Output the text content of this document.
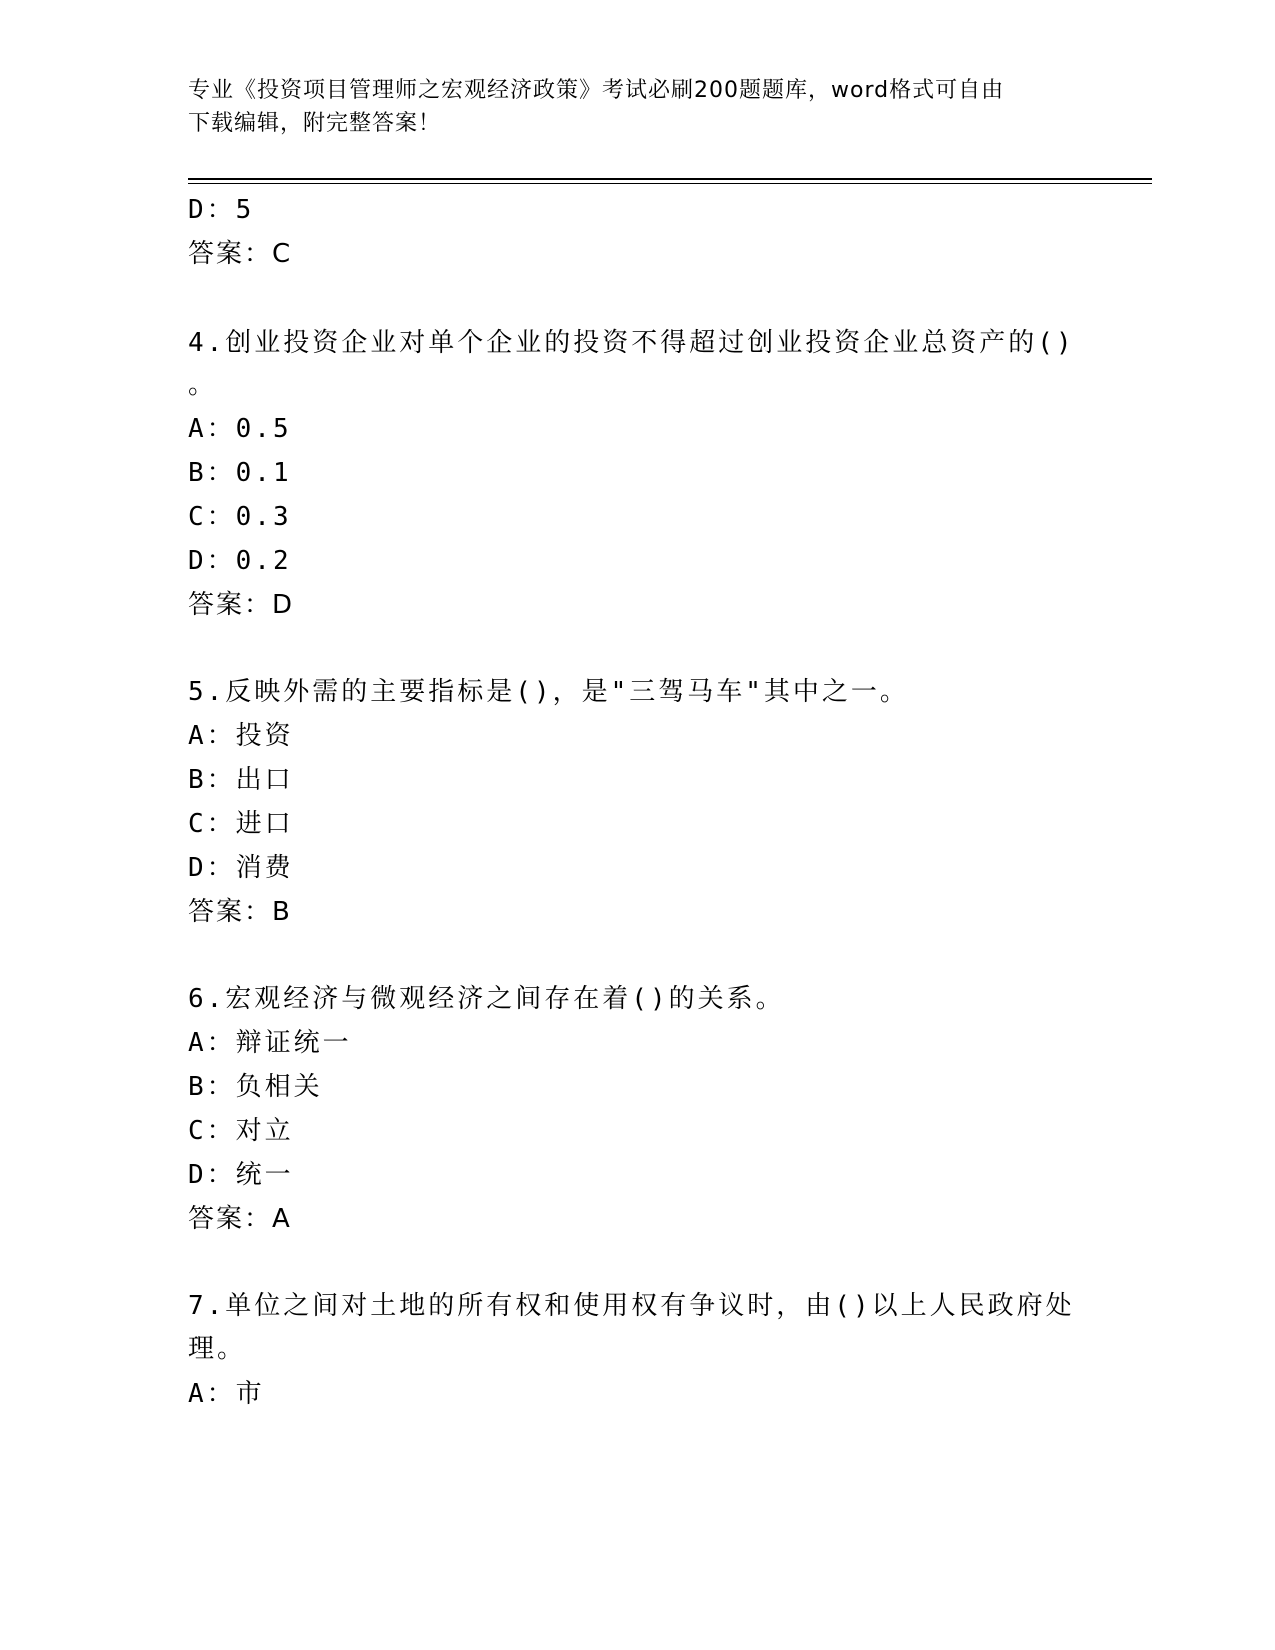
专业《投资项目管理师之宏观经济政策》考试必刷200题题库，word格式可自由
下载编辑，附完整答案！
D：5
答案：C
4.创业投资企业对单个企业的投资不得超过创业投资企业总资产的()
。
A：0.5
B：0.1
C：0.3
D：0.2
答案：D
5.反映外需的主要指标是()，是"三驾马车"其中之一。
A：投资
B：出口
C：进口
D：消费
答案：B
6.宏观经济与微观经济之间存在着()的关系。
A：辩证统一
B：负相关
C：对立
D：统一
答案：A
7.单位之间对土地的所有权和使用权有争议时，由()以上人民政府处
理。
A：市
